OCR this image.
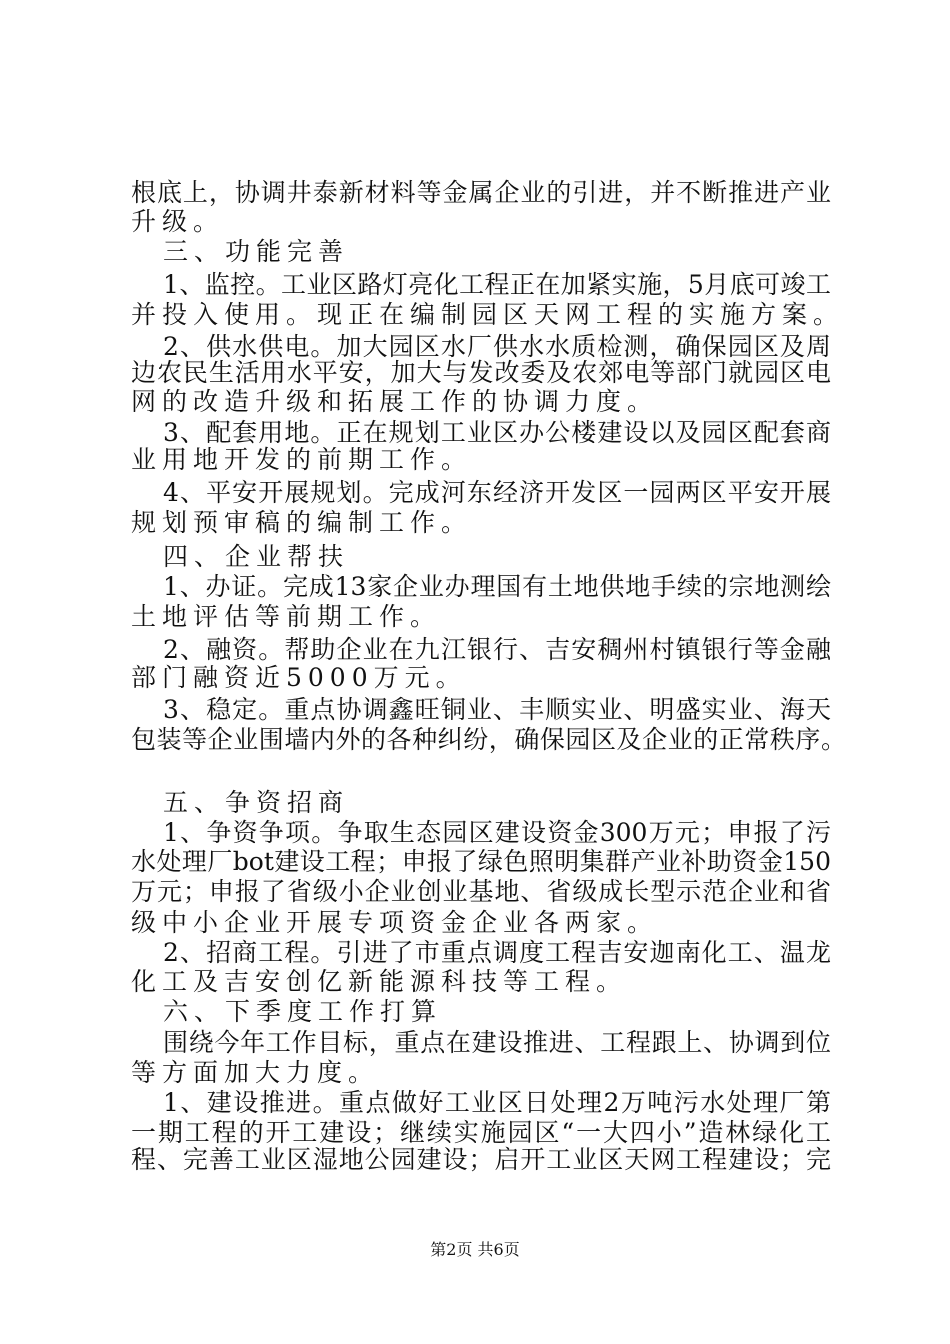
根底上，协调井泰新材料等金属企业的引进，并不断推进产业
升级。
三、功能完善
1、监控。工业区路灯亮化工程正在加紧实施，5月底可竣工
并投入使用。现正在编制园区天网工程的实施方案。
2、供水供电。加大园区水厂供水水质检测，确保园区及周
边农民生活用水平安，加大与发改委及农郊电等部门就园区电
网的改造升级和拓展工作的协调力度。
3、配套用地。正在规划工业区办公楼建设以及园区配套商
业用地开发的前期工作。
4、平安开展规划。完成河东经济开发区一园两区平安开展
规划预审稿的编制工作。
四、企业帮扶
1、办证。完成13家企业办理国有土地供地手续的宗地测绘
土地评估等前期工作。
2、融资。帮助企业在九江银行、吉安稠州村镇银行等金融
部门融资近5000万元。
3、稳定。重点协调鑫旺铜业、丰顺实业、明盛实业、海天
包装等企业围墙内外的各种纠纷，确保园区及企业的正常秩序。
五、争资招商
1、争资争项。争取生态园区建设资金300万元；申报了污
水处理厂bot建设工程；申报了绿色照明集群产业补助资金150
万元；申报了省级小企业创业基地、省级成长型示范企业和省
级中小企业开展专项资金企业各两家。
2、招商工程。引进了市重点调度工程吉安迦南化工、温龙
化工及吉安创亿新能源科技等工程。
六、下季度工作打算
围绕今年工作目标，重点在建设推进、工程跟上、协调到位
等方面加大力度。
1、建设推进。重点做好工业区日处理2万吨污水处理厂第
一期工程的开工建设；继续实施园区“一大四小”造林绿化工
程、完善工业区湿地公园建设；启开工业区天网工程建设；完
第2页 共6页
